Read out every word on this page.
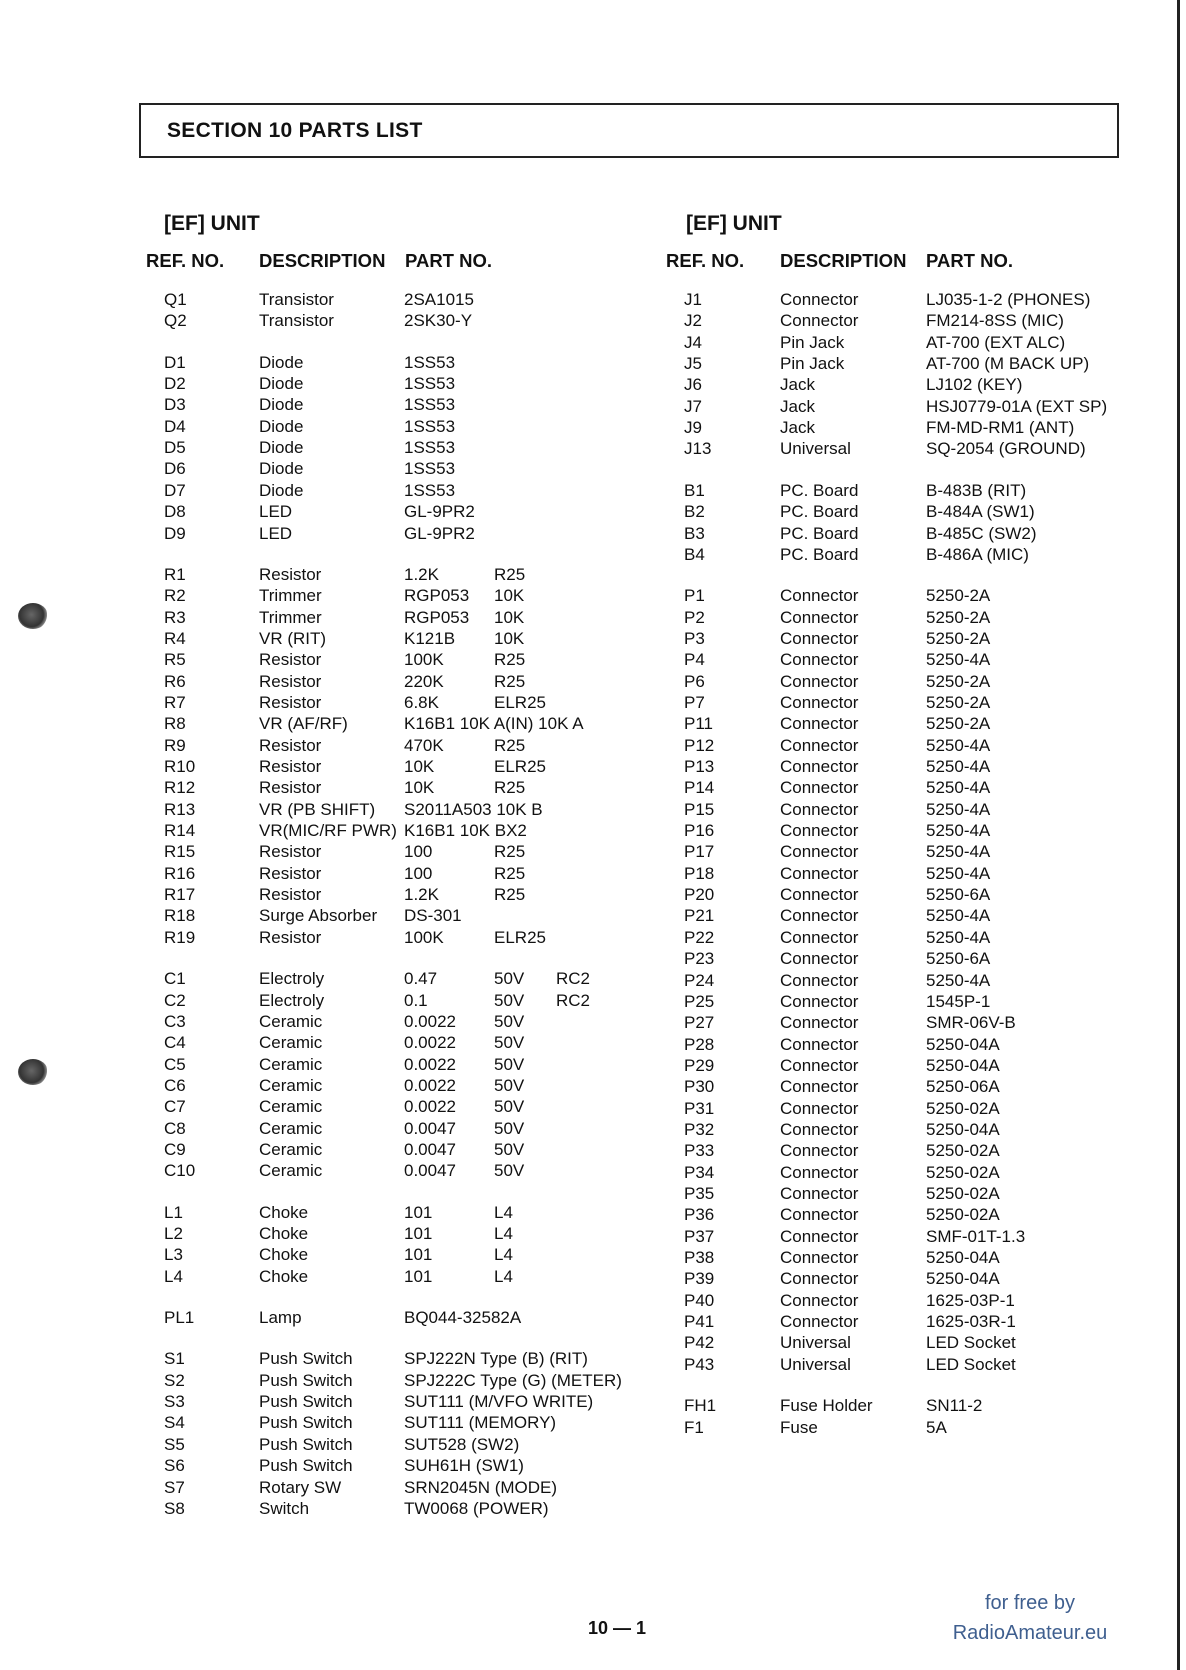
SECTION 10 PARTS LIST
[EF] UNIT
REF. NO. DESCRIPTION PART NO.
Q1	Transistor	2SA1015
Q2	Transistor	2SK30-Y
D1	Diode	1SS53
D2	Diode	1SS53
D3	Diode	1SS53
D4	Diode	1SS53
D5	Diode	1SS53
D6	Diode	1SS53
D7	Diode	1SS53
D8	LED	GL-9PR2
D9	LED	GL-9PR2
R1	Resistor	1.2K	R25
R2	Trimmer	RGP053 10K
R3	Trimmer	RGP053 10K
R4	VR (RIT)	K121B 10K
R5	Resistor	100K	R25
R6	Resistor	220K	R25
R7	Resistor	6.8K	ELR25
R8	VR (AF/RF)	K16B1 10K A(IN) 10K A
R9	Resistor	470K	R25
R10	Resistor	10K	ELR25
R12	Resistor	10K	R25
R13	VR (PB SHIFT) S2011A503 10K B
R14	VR(MIC/RF PWR) K16B1 10K BX2
R15	Resistor	100	R25
R16	Resistor	100	R25
R17	Resistor	1.2K	R25
R18	Surge Absorber DS-301
R19	Resistor	100K	ELR25
C1	Electroly	0.47	50V RC2
C2	Electroly	0.1	50V RC2
C3	Ceramic	0.0022 50V
C4	Ceramic	0.0022 50V
C5	Ceramic	0.0022 50V
C6	Ceramic	0.0022 50V
C7	Ceramic	0.0022 50V
C8	Ceramic	0.0047 50V
C9	Ceramic	0.0047 50V
C10	Ceramic	0.0047 50V
L1	Choke	101	L4
L2	Choke	101	L4
L3	Choke	101	L4
L4	Choke	101	L4
PL1	Lamp	BQ044-32582A
S1	Push Switch	SPJ222N Type (B) (RIT)
S2	Push Switch	SPJ222C Type (G) (METER)
S3	Push Switch	SUT111 (M/VFO WRITE)
S4	Push Switch	SUT111 (MEMORY)
S5	Push Switch	SUT528 (SW2)
S6	Push Switch	SUH61H (SW1)
S7	Rotary SW	SRN2045N (MODE)
S8	Switch	TW0068 (POWER)
[EF] UNIT
REF. NO. DESCRIPTION PART NO.
J1	Connector	LJ035-1-2 (PHONES)
J2	Connector	FM214-8SS (MIC)
J4	Pin Jack	AT-700 (EXT ALC)
J5	Pin Jack	AT-700 (M BACK UP)
J6	Jack	LJ102 (KEY)
J7	Jack	HSJ0779-01A (EXT SP)
J9	Jack	FM-MD-RM1 (ANT)
J13	Universal	SQ-2054 (GROUND)
B1	PC. Board	B-483B (RIT)
B2	PC. Board	B-484A (SW1)
B3	PC. Board	B-485C (SW2)
B4	PC. Board	B-486A (MIC)
P1	Connector	5250-2A
P2	Connector	5250-2A
P3	Connector	5250-2A
P4	Connector	5250-4A
P6	Connector	5250-2A
P7	Connector	5250-2A
P11	Connector	5250-2A
P12	Connector	5250-4A
P13	Connector	5250-4A
P14	Connector	5250-4A
P15	Connector	5250-4A
P16	Connector	5250-4A
P17	Connector	5250-4A
P18	Connector	5250-4A
P20	Connector	5250-6A
P21	Connector	5250-4A
P22	Connector	5250-4A
P23	Connector	5250-6A
P24	Connector	5250-4A
P25	Connector	1545P-1
P27	Connector	SMR-06V-B
P28	Connector	5250-04A
P29	Connector	5250-04A
P30	Connector	5250-06A
P31	Connector	5250-02A
P32	Connector	5250-04A
P33	Connector	5250-02A
P34	Connector	5250-02A
P35	Connector	5250-02A
P36	Connector	5250-02A
P37	Connector	SMF-01T-1.3
P38	Connector	5250-04A
P39	Connector	5250-04A
P40	Connector	1625-03P-1
P41	Connector	1625-03R-1
P42	Universal	LED Socket
P43	Universal	LED Socket
FH1	Fuse Holder	SN11-2
F1	Fuse	5A
10 — 1
for free by
RadioAmateur.eu
